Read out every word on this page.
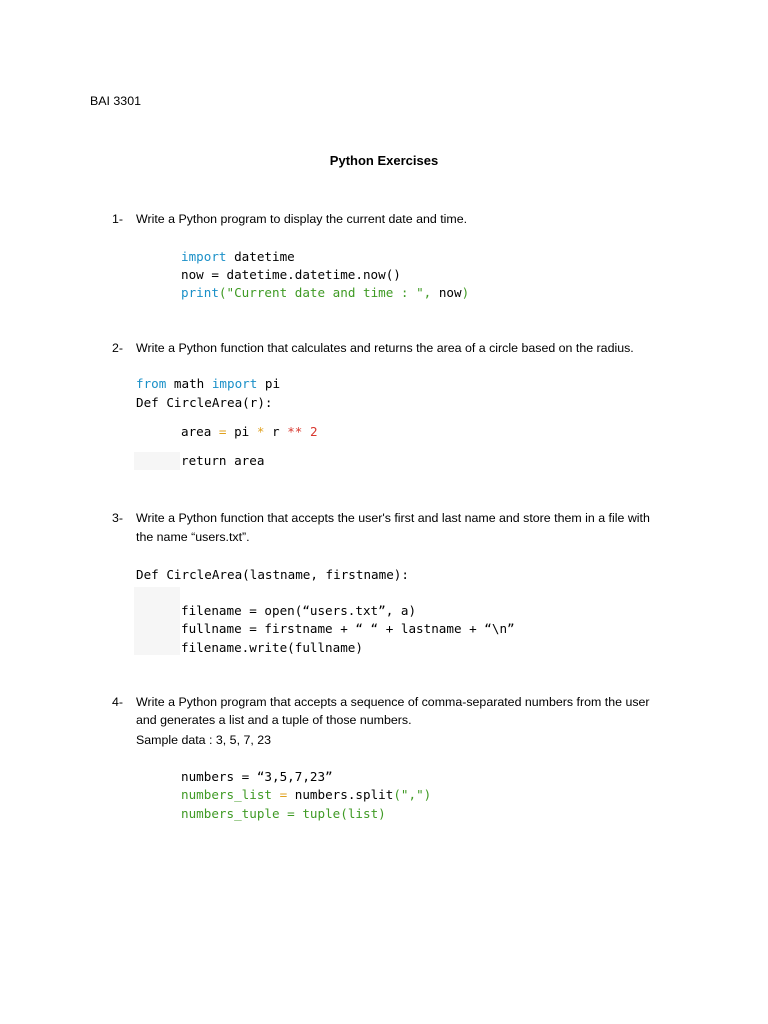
BAI 3301
Python Exercises
1- Write a Python program to display the current date and time.
import datetime
now = datetime.datetime.now()
print("Current date and time : ", now)
2- Write a Python function that calculates and returns the area of a circle based on the radius.
from math import pi
Def CircleArea(r):
area = pi * r ** 2
return area
3- Write a Python function that accepts the user's first and last name and store them in a file with
the name “users.txt”.
Def CircleArea(lastname, firstname):
filename = open(“users.txt”, a)
fullname = firstname + “ “ + lastname + “\n”
filename.write(fullname)
4- Write a Python program that accepts a sequence of comma-separated numbers from the user
and generates a list and a tuple of those numbers.
Sample data : 3, 5, 7, 23
numbers = “3,5,7,23”
numbers_list = numbers.split(",")
numbers_tuple = tuple(list)
